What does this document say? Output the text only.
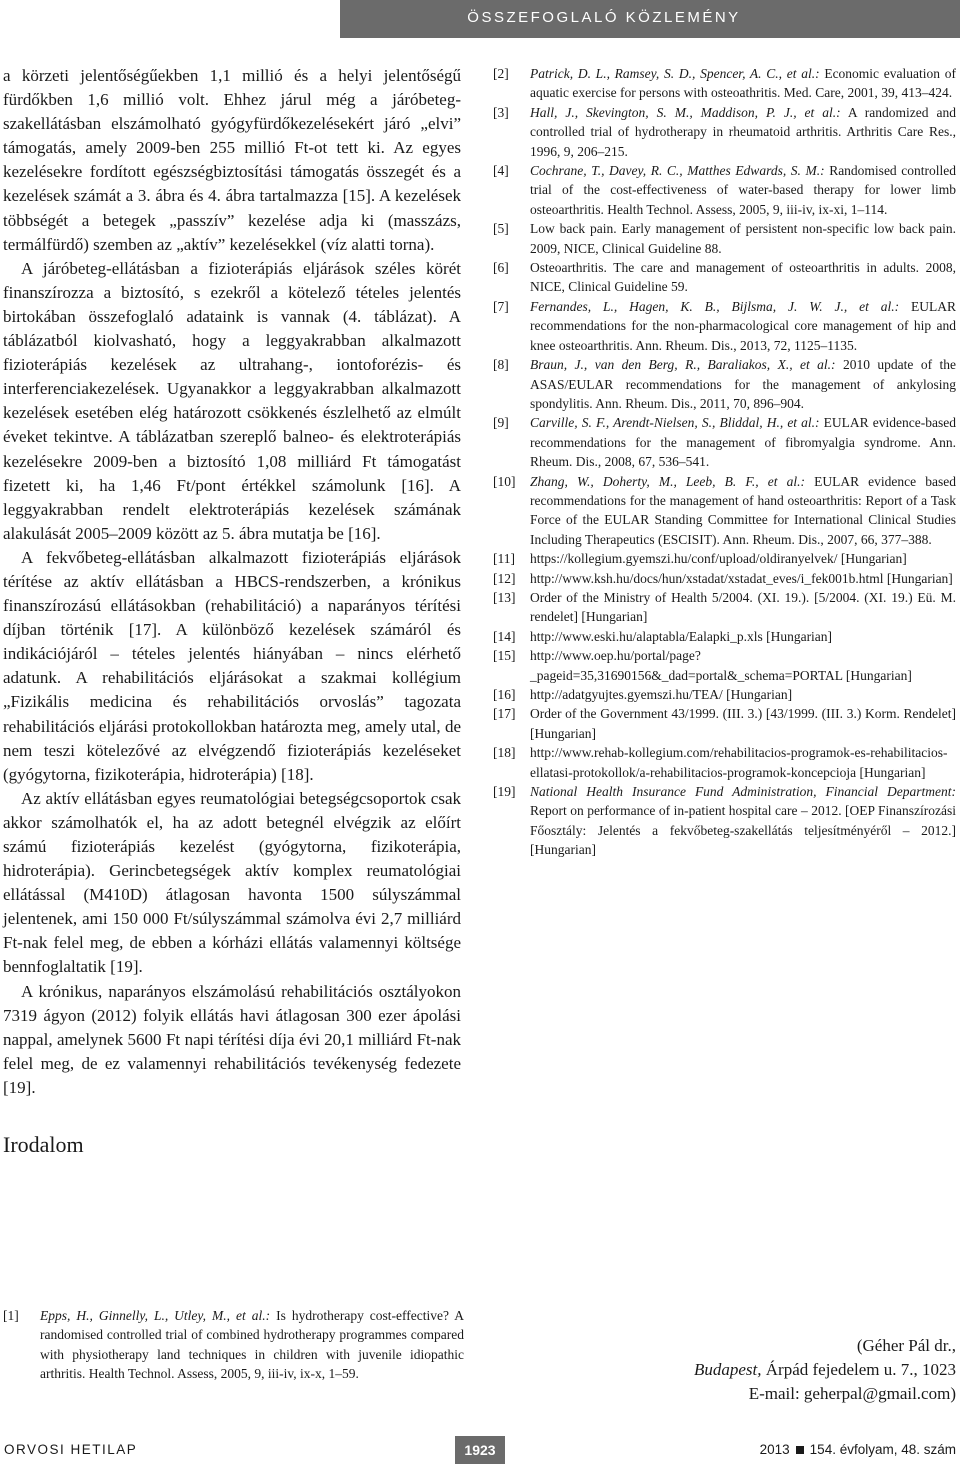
ÖSSZEFOGLALÓ KÖZLEMÉNY

a körzeti jelentőségűekben 1,1 millió és a helyi jelentőségű fürdőkben 1,6 millió volt. Ehhez járul még a járóbeteg-szakellátásban elszámolható gyógyfürdőkezelésekért járó „elvi” támogatás, amely 2009-ben 255 millió Ft-ot tett ki. Az egyes kezelésekre fordított egészségbiztosítási támogatás összegét és a kezelések számát a 3. ábra és 4. ábra tartalmazza [15]. A kezelések többségét a betegek „passzív” kezelése adja ki (masszázs, termálfürdő) szemben az „aktív” kezelésekkel (víz alatti torna).

A járóbeteg-ellátásban a fizioterápiás eljárások széles körét finanszírozza a biztosító, s ezekről a kötelező tételes jelentés birtokában összefoglaló adataink is vannak (4. táblázat). A táblázatból kiolvasható, hogy a leggyakrabban alkalmazott fizioterápiás kezelések az ultrahang-, iontoforézis- és interferenciakezelések. Ugyanakkor a leggyakrabban alkalmazott kezelések esetében elég határozott csökkenés észlelhető az elmúlt éveket tekintve. A táblázatban szereplő balneo- és elektroterápiás kezelésekre 2009-ben a biztosító 1,08 milliárd Ft támogatást fizetett ki, ha 1,46 Ft/pont értékkel számolunk [16]. A leggyakrabban rendelt elektroterápiás kezelések számának alakulását 2005–2009 között az 5. ábra mutatja be [16].

A fekvőbeteg-ellátásban alkalmazott fizioterápiás eljárások térítése az aktív ellátásban a HBCS-rendszerben, a krónikus finanszírozású ellátásokban (rehabilitáció) a naparányos térítési díjban történik [17]. A különböző kezelések számáról és indikációjáról – tételes jelentés hiányában – nincs elérhető adatunk. A rehabilitációs eljárásokat a szakmai kollégium „Fizikális medicina és rehabilitációs orvoslás” tagozata rehabilitációs eljárási protokollokban határozta meg, amely utal, de nem teszi kötelezővé az elvégzendő fizioterápiás kezeléseket (gyógytorna, fizikoterápia, hidroterápia) [18].

Az aktív ellátásban egyes reumatológiai betegségcsoportok csak akkor számolhatók el, ha az adott betegnél elvégzik az előírt számú fizioterápiás kezelést (gyógytorna, fizikoterápia, hidroterápia). Gerincbetegségek aktív komplex reumatológiai ellátással (M410D) átlagosan havonta 1500 súlyszámmal jelentenek, ami 150 000 Ft/súlyszámmal számolva évi 2,7 milliárd Ft-nak felel meg, de ebben a kórházi ellátás valamennyi költsége bennfoglaltatik [19].

A krónikus, naparányos elszámolású rehabilitációs osztályokon 7319 ágyon (2012) folyik ellátás havi átlagosan 300 ezer ápolási nappal, amelynek 5600 Ft napi térítési díja évi 20,1 milliárd Ft-nak felel meg, de ez valamennyi rehabilitációs tevékenység fedezete [19].

Irodalom
[1] Epps, H., Ginnelly, L., Utley, M., et al.: Is hydrotherapy cost-effective? A randomised controlled trial of combined hydrotherapy programmes compared with physiotherapy land techniques in children with juvenile idiopathic arthritis. Health Technol. Assess, 2005, 9, iii-iv, ix-x, 1–59.
[2] Patrick, D. L., Ramsey, S. D., Spencer, A. C., et al.: Economic evaluation of aquatic exercise for persons with osteoathritis. Med. Care, 2001, 39, 413–424.
[3] Hall, J., Skevington, S. M., Maddison, P. J., et al.: A randomized and controlled trial of hydrotherapy in rheumatoid arthritis. Arthritis Care Res., 1996, 9, 206–215.
[4] Cochrane, T., Davey, R. C., Matthes Edwards, S. M.: Randomised controlled trial of the cost-effectiveness of water-based therapy for lower limb osteoarthritis. Health Technol. Assess, 2005, 9, iii-iv, ix-xi, 1–114.
[5] Low back pain. Early management of persistent non-specific low back pain. 2009, NICE, Clinical Guideline 88.
[6] Osteoarthritis. The care and management of osteoarthritis in adults. 2008, NICE, Clinical Guideline 59.
[7] Fernandes, L., Hagen, K. B., Bijlsma, J. W. J., et al.: EULAR recommendations for the non-pharmacological core management of hip and knee osteoarthritis. Ann. Rheum. Dis., 2013, 72, 1125–1135.
[8] Braun, J., van den Berg, R., Baraliakos, X., et al.: 2010 update of the ASAS/EULAR recommendations for the management of ankylosing spondylitis. Ann. Rheum. Dis., 2011, 70, 896–904.
[9] Carville, S. F., Arendt-Nielsen, S., Bliddal, H., et al.: EULAR evidence-based recommendations for the management of fibromyalgia syndrome. Ann. Rheum. Dis., 2008, 67, 536–541.
[10] Zhang, W., Doherty, M., Leeb, B. F., et al.: EULAR evidence based recommendations for the management of hand osteoarthritis: Report of a Task Force of the EULAR Standing Committee for International Clinical Studies Including Therapeutics (ESCISIT). Ann. Rheum. Dis., 2007, 66, 377–388.
[11] https://kollegium.gyemszi.hu/conf/upload/oldiranyelvek/ [Hungarian]
[12] http://www.ksh.hu/docs/hun/xstadat/xstadat_eves/i_fek001b.html [Hungarian]
[13] Order of the Ministry of Health 5/2004. (XI. 19.). [5/2004. (XI. 19.) Eü. M. rendelet] [Hungarian]
[14] http://www.eski.hu/alaptabla/Ealapki_p.xls [Hungarian]
[15] http://www.oep.hu/portal/page?_pageid=35,31690156&_dad=portal&_schema=PORTAL [Hungarian]
[16] http://adatgyujtes.gyemszi.hu/TEA/ [Hungarian]
[17] Order of the Government 43/1999. (III. 3.) [43/1999. (III. 3.) Korm. Rendelet] [Hungarian]
[18] http://www.rehab-kollegium.com/rehabilitacios-programok-es-rehabilitacios-ellatasi-protokollok/a-rehabilitacios-programok-koncepcioja [Hungarian]
[19] National Health Insurance Fund Administration, Financial Department: Report on performance of in-patient hospital care – 2012. [OEP Finanszírozási Főosztály: Jelentés a fekvőbeteg-szakellátás teljesítményéről – 2012.] [Hungarian]
(Géher Pál dr.,
Budapest, Árpád fejedelem u. 7., 1023
E-mail: geherpal@gmail.com)
ORVOSI HETILAP	1923	2013 154. évfolyam, 48. szám
